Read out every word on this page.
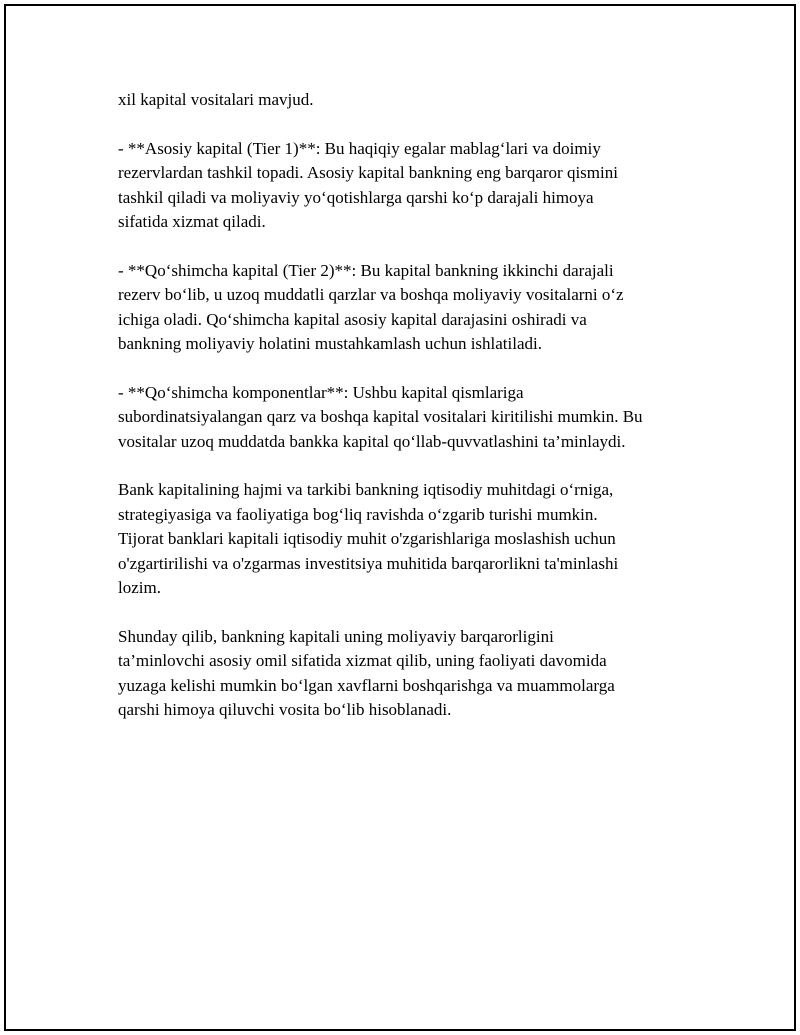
xil kapital vositalari mavjud.

- **Asosiy kapital (Tier 1)**: Bu haqiqiy egalar mablag‘lari va doimiy
rezervlardan tashkil topadi. Asosiy kapital bankning eng barqaror qismini
tashkil qiladi va moliyaviy yo‘qotishlarga qarshi ko‘p darajali himoya
sifatida xizmat qiladi.

- **Qo‘shimcha kapital (Tier 2)**: Bu kapital bankning ikkinchi darajali
rezerv bo‘lib, u uzoq muddatli qarzlar va boshqa moliyaviy vositalarni o‘z
ichiga oladi. Qo‘shimcha kapital asosiy kapital darajasini oshiradi va
bankning moliyaviy holatini mustahkamlash uchun ishlatiladi.

- **Qo‘shimcha komponentlar**: Ushbu kapital qismlariga
subordinatsiyalangan qarz va boshqa kapital vositalari kiritilishi mumkin. Bu
vositalar uzoq muddatda bankka kapital qo‘llab-quvvatlashini ta’minlaydi.

Bank kapitalining hajmi va tarkibi bankning iqtisodiy muhitdagi o‘rniga,
strategiyasiga va faoliyatiga bog‘liq ravishda o‘zgarib turishi mumkin.
Tijorat banklari kapitali iqtisodiy muhit o'zgarishlariga moslashish uchun
o'zgartirilishi va o'zgarmas investitsiya muhitida barqarorlikni ta'minlashi
lozim.

Shunday qilib, bankning kapitali uning moliyaviy barqarorligini
ta’minlovchi asosiy omil sifatida xizmat qilib, uning faoliyati davomida
yuzaga kelishi mumkin bo‘lgan xavflarni boshqarishga va muammolarga
qarshi himoya qiluvchi vosita bo‘lib hisoblanadi.
